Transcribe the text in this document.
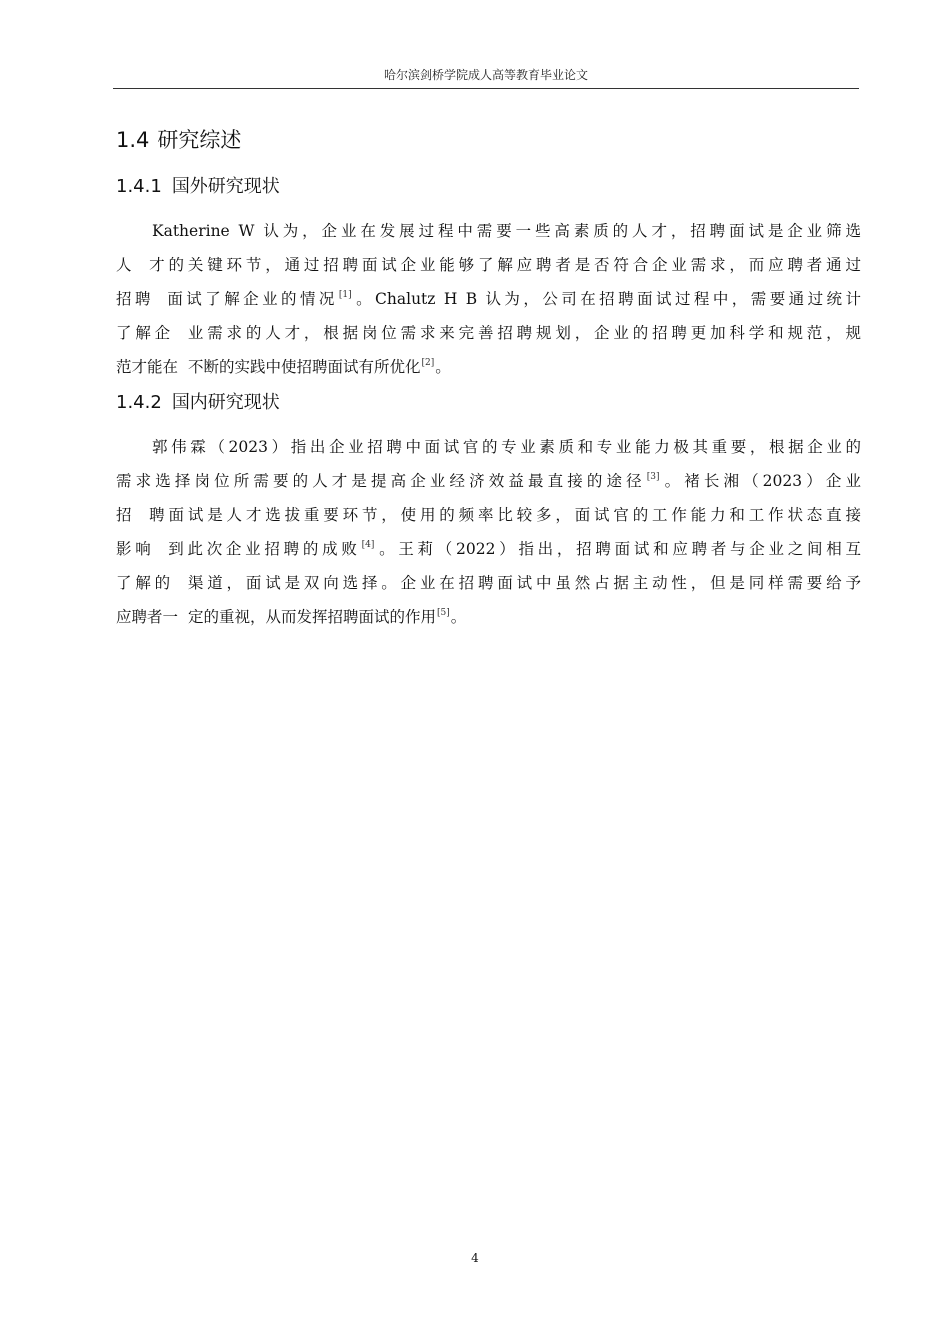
哈尔滨剑桥学院成人高等教育毕业论文
1.4 研究综述
1.4.1 国外研究现状
Katherine W 认为，企业在发展过程中需要一些高素质的人才，招聘面试是企业筛选
人 才的关键环节，通过招聘面试企业能够了解应聘者是否符合企业需求，而应聘者通过
招聘 面试了解企业的情况[1]。Chalutz H B 认为，公司在招聘面试过程中，需要通过统计
了解企 业需求的人才，根据岗位需求来完善招聘规划，企业的招聘更加科学和规范，规
范才能在 不断的实践中使招聘面试有所优化[2]。
1.4.2 国内研究现状
郭伟霖（2023）指出企业招聘中面试官的专业素质和专业能力极其重要，根据企业的
需求选择岗位所需要的人才是提高企业经济效益最直接的途径[3]。褚长湘（2023）企业
招 聘面试是人才选拔重要环节，使用的频率比较多，面试官的工作能力和工作状态直接
影响 到此次企业招聘的成败[4]。王莉（2022）指出，招聘面试和应聘者与企业之间相互
了解的 渠道，面试是双向选择。企业在招聘面试中虽然占据主动性，但是同样需要给予
应聘者一 定的重视，从而发挥招聘面试的作用[5]。
4
